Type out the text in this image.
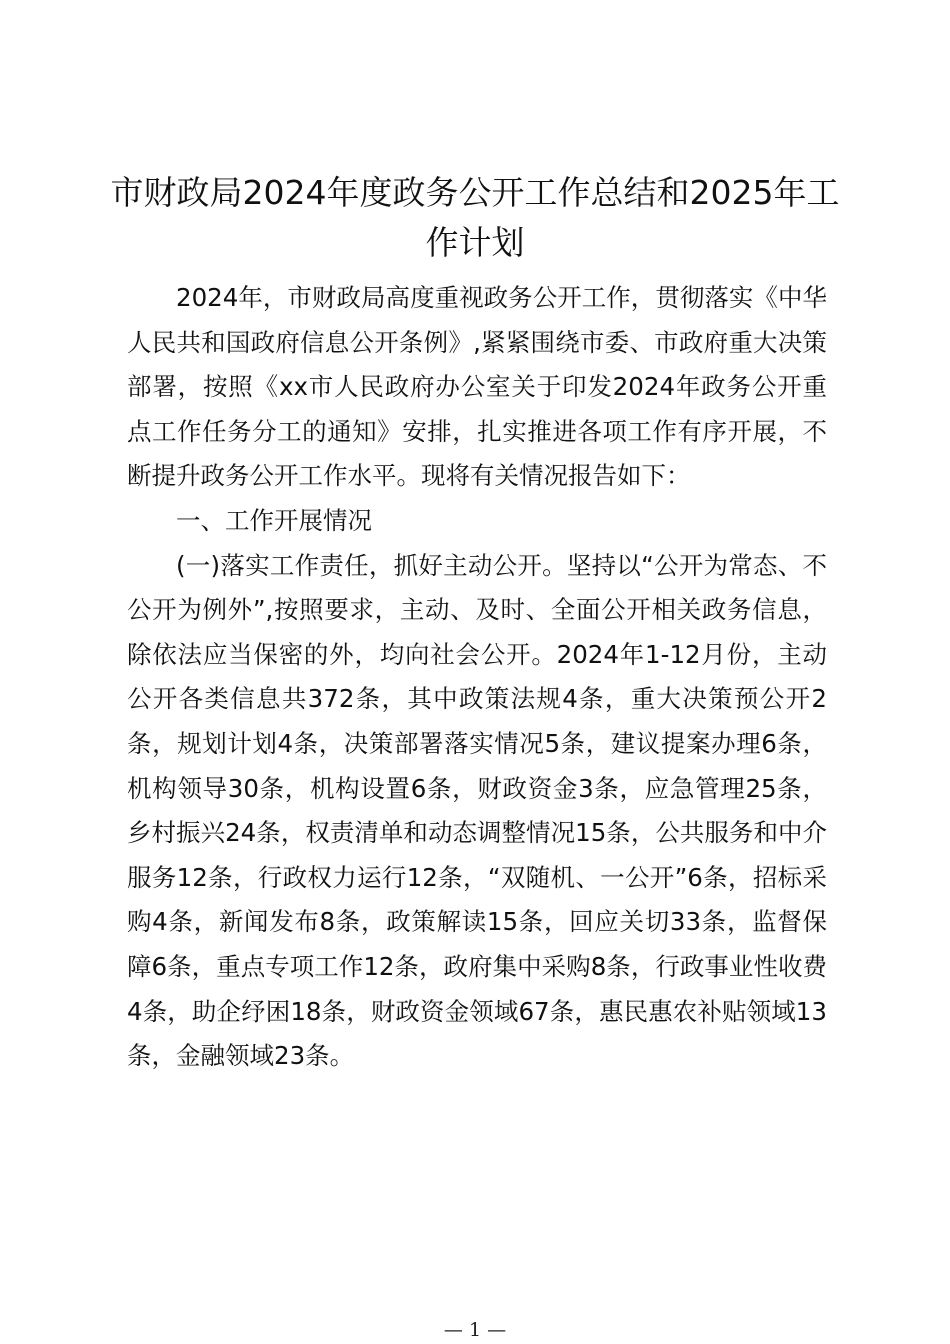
市财政局2024年度政务公开工作总结和2025年工作计划

2024年，市财政局高度重视政务公开工作，贯彻落实《中华人民共和国政府信息公开条例》,紧紧围绕市委、市政府重大决策部署，按照《xx市人民政府办公室关于印发2024年政务公开重点工作任务分工的通知》安排，扎实推进各项工作有序开展，不断提升政务公开工作水平。现将有关情况报告如下：

一、工作开展情况

(一)落实工作责任，抓好主动公开。坚持以“公开为常态、不公开为例外”,按照要求，主动、及时、全面公开相关政务信息，除依法应当保密的外，均向社会公开。2024年1-12月份，主动公开各类信息共372条，其中政策法规4条，重大决策预公开2条，规划计划4条，决策部署落实情况5条，建议提案办理6条，机构领导30条，机构设置6条，财政资金3条，应急管理25条，乡村振兴24条，权责清单和动态调整情况15条，公共服务和中介服务12条，行政权力运行12条，“双随机、一公开”6条，招标采购4条，新闻发布8条，政策解读15条，回应关切33条，监督保障6条，重点专项工作12条，政府集中采购8条，行政事业性收费4条，助企纾困18条，财政资金领域67条，惠民惠农补贴领域13条，金融领域23条。

— 1 —
